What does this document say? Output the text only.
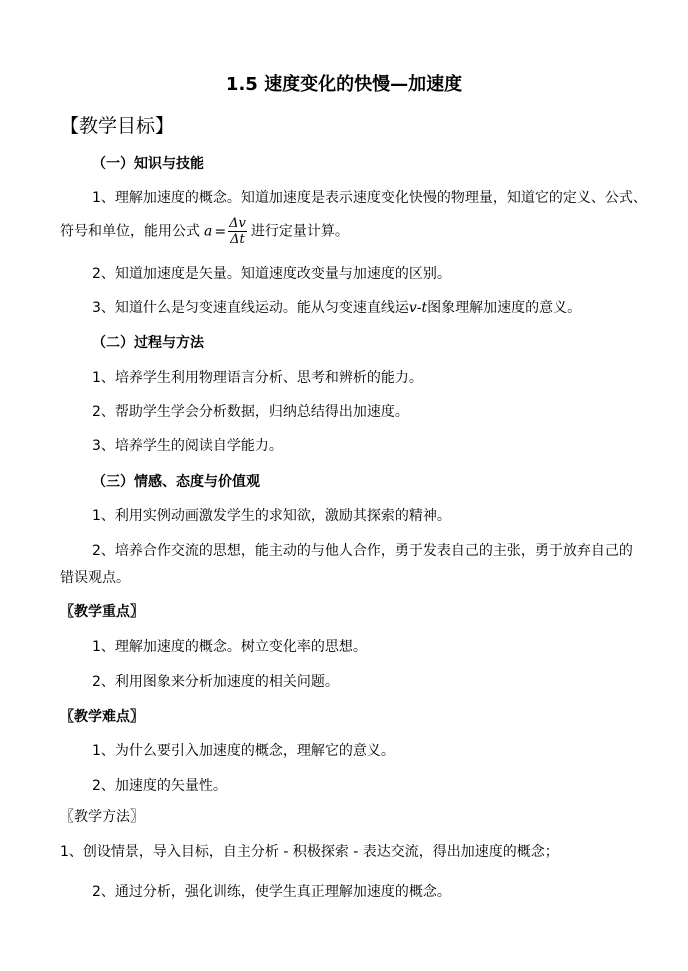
1.5 速度变化的快慢—加速度
【教学目标】
（一）知识与技能
1、理解加速度的概念。知道加速度是表示速度变化快慢的物理量，知道它的定义、公式、
符号和单位，能用公式 $a = \frac{\Delta v}{\Delta t}$ 进行定量计算。
2、知道加速度是矢量。知道速度改变量与加速度的区别。
3、知道什么是匀变速直线运动。能从匀变速直线运v-t图象理解加速度的意义。
（二）过程与方法
1、培养学生利用物理语言分析、思考和辨析的能力。
2、帮助学生学会分析数据，归纳总结得出加速度。
3、培养学生的阅读自学能力。
（三）情感、态度与价值观
1、利用实例动画激发学生的求知欲，激励其探索的精神。
2、培养合作交流的思想，能主动的与他人合作，勇于发表自己的主张，勇于放弃自己的
错误观点。
〖教学重点〗
1、理解加速度的概念。树立变化率的思想。
2、利用图象来分析加速度的相关问题。
〖教学难点〗
1、为什么要引入加速度的概念，理解它的意义。
2、加速度的矢量性。
〖教学方法〗
1、创设情景，导入目标，自主分析 - 积极探索 - 表达交流，得出加速度的概念；
2、通过分析，强化训练，使学生真正理解加速度的概念。
